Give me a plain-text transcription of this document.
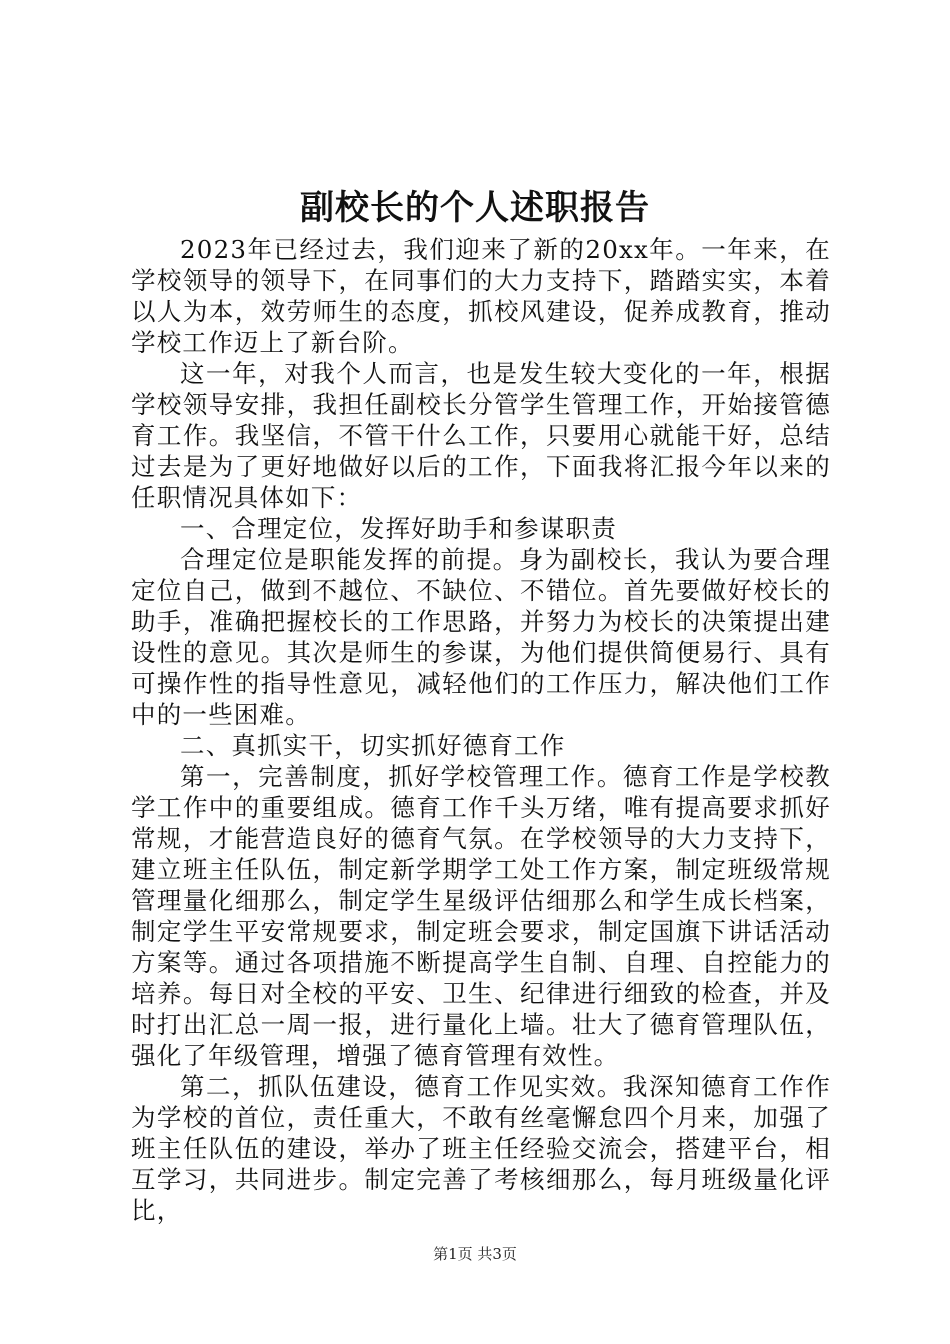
副校长的个人述职报告

2023年已经过去，我们迎来了新的20xx年。一年来，在学校领导的领导下，在同事们的大力支持下，踏踏实实，本着以人为本，效劳师生的态度，抓校风建设，促养成教育，推动学校工作迈上了新台阶。

这一年，对我个人而言，也是发生较大变化的一年，根据学校领导安排，我担任副校长分管学生管理工作，开始接管德育工作。我坚信，不管干什么工作，只要用心就能干好，总结过去是为了更好地做好以后的工作，下面我将汇报今年以来的任职情况具体如下：

一、合理定位，发挥好助手和参谋职责

合理定位是职能发挥的前提。身为副校长，我认为要合理定位自己，做到不越位、不缺位、不错位。首先要做好校长的助手，准确把握校长的工作思路，并努力为校长的决策提出建设性的意见。其次是师生的参谋，为他们提供简便易行、具有可操作性的指导性意见，减轻他们的工作压力，解决他们工作中的一些困难。

二、真抓实干，切实抓好德育工作

第一，完善制度，抓好学校管理工作。德育工作是学校教学工作中的重要组成。德育工作千头万绪，唯有提高要求抓好常规，才能营造良好的德育气氛。在学校领导的大力支持下，建立班主任队伍，制定新学期学工处工作方案，制定班级常规管理量化细那么，制定学生星级评估细那么和学生成长档案，制定学生平安常规要求，制定班会要求，制定国旗下讲话活动方案等。通过各项措施不断提高学生自制、自理、自控能力的培养。每日对全校的平安、卫生、纪律进行细致的检查，并及时打出汇总一周一报，进行量化上墙。壮大了德育管理队伍，强化了年级管理，增强了德育管理有效性。

第二，抓队伍建设，德育工作见实效。我深知德育工作作为学校的首位，责任重大，不敢有丝毫懈怠四个月来，加强了班主任队伍的建设，举办了班主任经验交流会，搭建平台，相互学习，共同进步。制定完善了考核细那么，每月班级量化评比，

第1页 共3页
